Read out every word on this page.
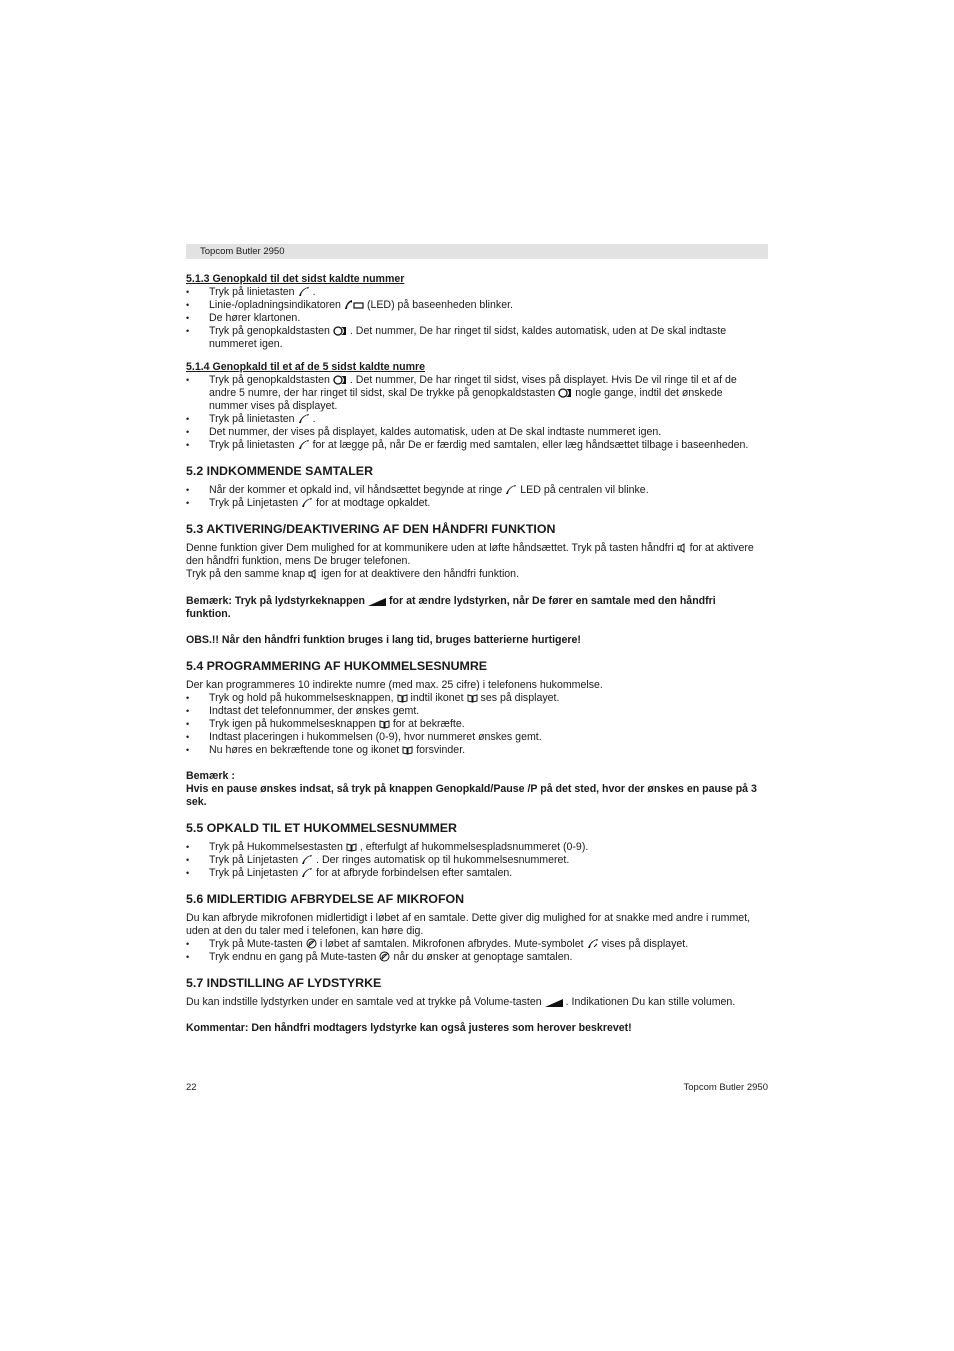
Topcom Butler 2950

5.1.3 Genopkald til det sidst kaldte nummer

• Tryk på linietasten .
• Linie-/opladningsindikatoren (LED) på baseenheden blinker.
• De hører klartonen.
• Tryk på genopkaldstasten . Det nummer, De har ringet til sidst, kaldes automatisk, uden at De skal indtaste nummeret igen.

5.1.4 Genopkald til et af de 5 sidst kaldte numre

• Tryk på genopkaldstasten . Det nummer, De har ringet til sidst, vises på displayet. Hvis De vil ringe til et af de andre 5 numre, der har ringet til sidst, skal De trykke på genopkaldstasten nogle gange, indtil det ønskede nummer vises på displayet.
• Tryk på linietasten .
• Det nummer, der vises på displayet, kaldes automatisk, uden at De skal indtaste nummeret igen.
• Tryk på linietasten for at lægge på, når De er færdig med samtalen, eller læg håndsættet tilbage i baseenheden.

5.2 INDKOMMENDE SAMTALER

• Når der kommer et opkald ind, vil håndsættet begynde at ringe LED på centralen vil blinke.
• Tryk på Linjetasten for at modtage opkaldet.

5.3 AKTIVERING/DEAKTIVERING AF DEN HÅNDFRI FUNKTION

Denne funktion giver Dem mulighed for at kommunikere uden at løfte håndsættet. Tryk på tasten håndfri for at aktivere den håndfri funktion, mens De bruger telefonen.

Tryk på den samme knap igen for at deaktivere den håndfri funktion.

Bemærk: Tryk på lydstyrkeknappen for at ændre lydstyrken, når De fører en samtale med den håndfri funktion.

OBS.!! Når den håndfri funktion bruges i lang tid, bruges batterierne hurtigere!

5.4 PROGRAMMERING AF HUKOMMELSESNUMRE

Der kan programmeres 10 indirekte numre (med max. 25 cifre) i telefonens hukommelse.

• Tryk og hold på hukommelsesknappen, indtil ikonet ses på displayet.
• Indtast det telefonnummer, der ønskes gemt.
• Tryk igen på hukommelsesknappen for at bekræfte.
• Indtast placeringen i hukommelsen (0-9), hvor nummeret ønskes gemt.
• Nu høres en bekræftende tone og ikonet forsvinder.

Bemærk :

Hvis en pause ønskes indsat, så tryk på knappen Genopkald/Pause /P på det sted, hvor der ønskes en pause på 3 sek.

5.5 OPKALD TIL ET HUKOMMELSESNUMMER

• Tryk på Hukommelsestasten , efterfulgt af hukommelsespladsnummeret (0-9).
• Tryk på Linjetasten . Der ringes automatisk op til hukommelsesnummeret.
• Tryk på Linjetasten for at afbryde forbindelsen efter samtalen.

5.6 MIDLERTIDIG AFBRYDELSE AF MIKROFON

Du kan afbryde mikrofonen midlertidigt i løbet af en samtale. Dette giver dig mulighed for at snakke med andre i rummet, uden at den du taler med i telefonen, kan høre dig.

• Tryk på Mute-tasten i løbet af samtalen. Mikrofonen afbrydes. Mute-symbolet vises på displayet.
• Tryk endnu en gang på Mute-tasten når du ønsker at genoptage samtalen.

5.7 INDSTILLING AF LYDSTYRKE

Du kan indstille lydstyrken under en samtale ved at trykke på Volume-tasten . Indikationen Du kan stille volumen.

Kommentar: Den håndfri modtagers lydstyrke kan også justeres som herover beskrevet!

22	Topcom Butler 2950
